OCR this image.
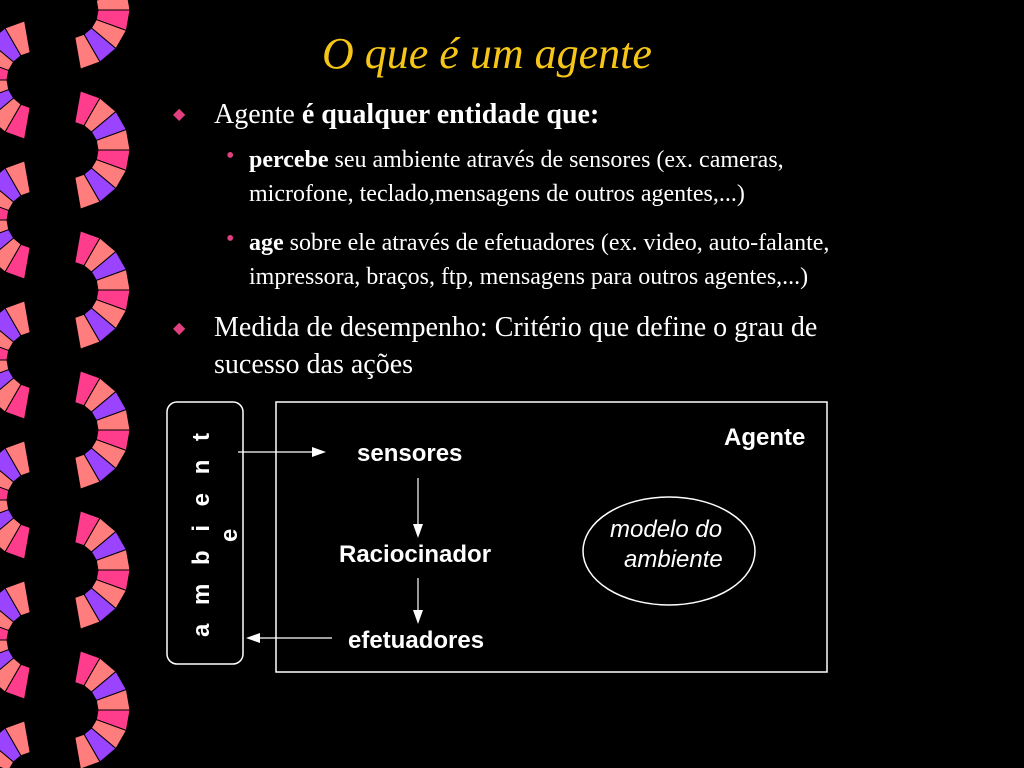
O que é um agente
◆ Agente é qualquer entidade que:
• percebe seu ambiente através de sensores (ex. cameras,
microfone, teclado,mensagens de outros agentes,...)
• age sobre ele através de efetuadores (ex. video, auto-falante,
impressora, braços, ftp, mensagens para outros agentes,...)
◆ Medida de desempenho: Critério que define o grau de
sucesso das ações
a m b i e n t e
Agente
sensores
Raciocinador
efetuadores
modelo do
ambiente
